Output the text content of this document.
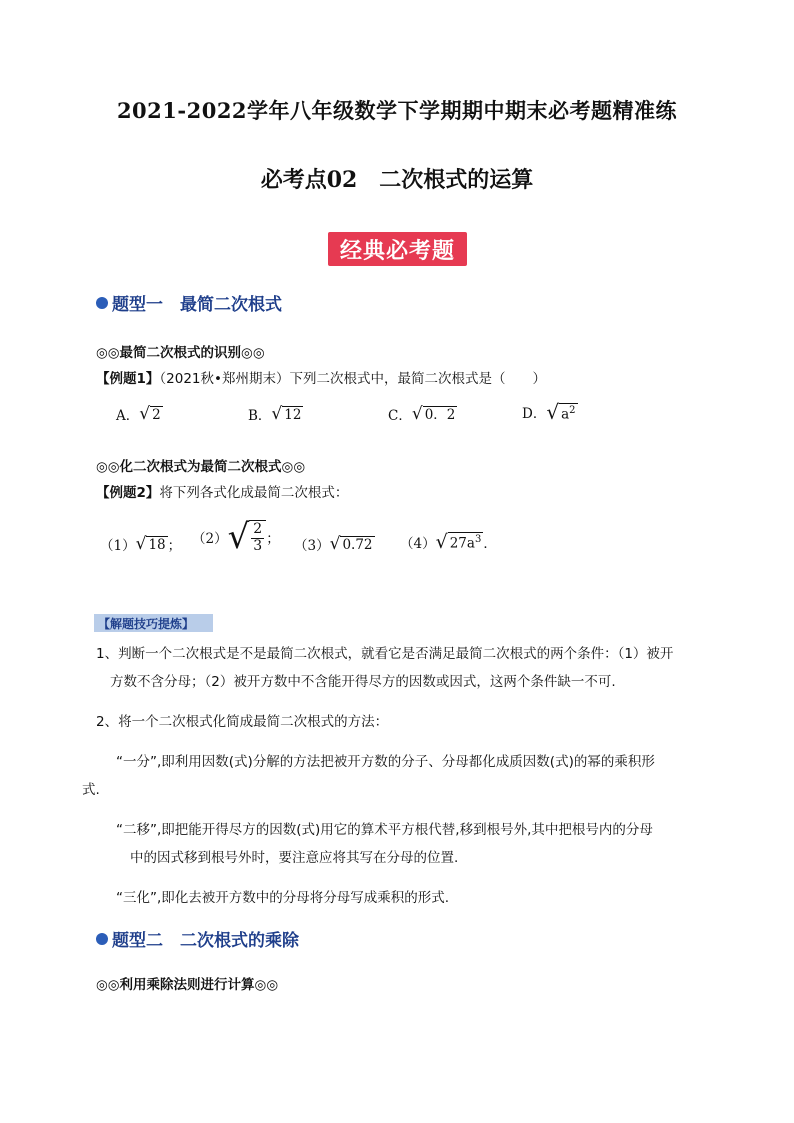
2021-2022学年八年级数学下学期期中期末必考题精准练
必考点02　二次根式的运算
经典必考题
题型一　最简二次根式
◎◎最简二次根式的识别◎◎
【例题1】（2021秋•郑州期末）下列二次根式中，最简二次根式是（　　）
A． √ 2	B． √ 12	C． √ 0．2	D． √ $a^2$
◎◎化二次根式为最简二次根式◎◎
【例题2】将下列各式化成最简二次根式：
（1） √ 18 ； （2） √ $\frac{2}{3}$ ； （3） √ 0.72 （4） √ $27a^3$ ．
【解题技巧提炼】
1、判断一个二次根式是不是最简二次根式，就看它是否满足最简二次根式的两个条件：（1）被开
方数不含分母；（2）被开方数中不含能开得尽方的因数或因式，这两个条件缺一不可.
2、将一个二次根式化简成最简二次根式的方法：
“一分”,即利用因数(式)分解的方法把被开方数的分子、分母都化成质因数(式)的幂的乘积形
式.
“二移”,即把能开得尽方的因数(式)用它的算术平方根代替,移到根号外,其中把根号内的分母
中的因式移到根号外时，要注意应将其写在分母的位置.
“三化”,即化去被开方数中的分母将分母写成乘积的形式.
题型二　二次根式的乘除
◎◎利用乘除法则进行计算◎◎
